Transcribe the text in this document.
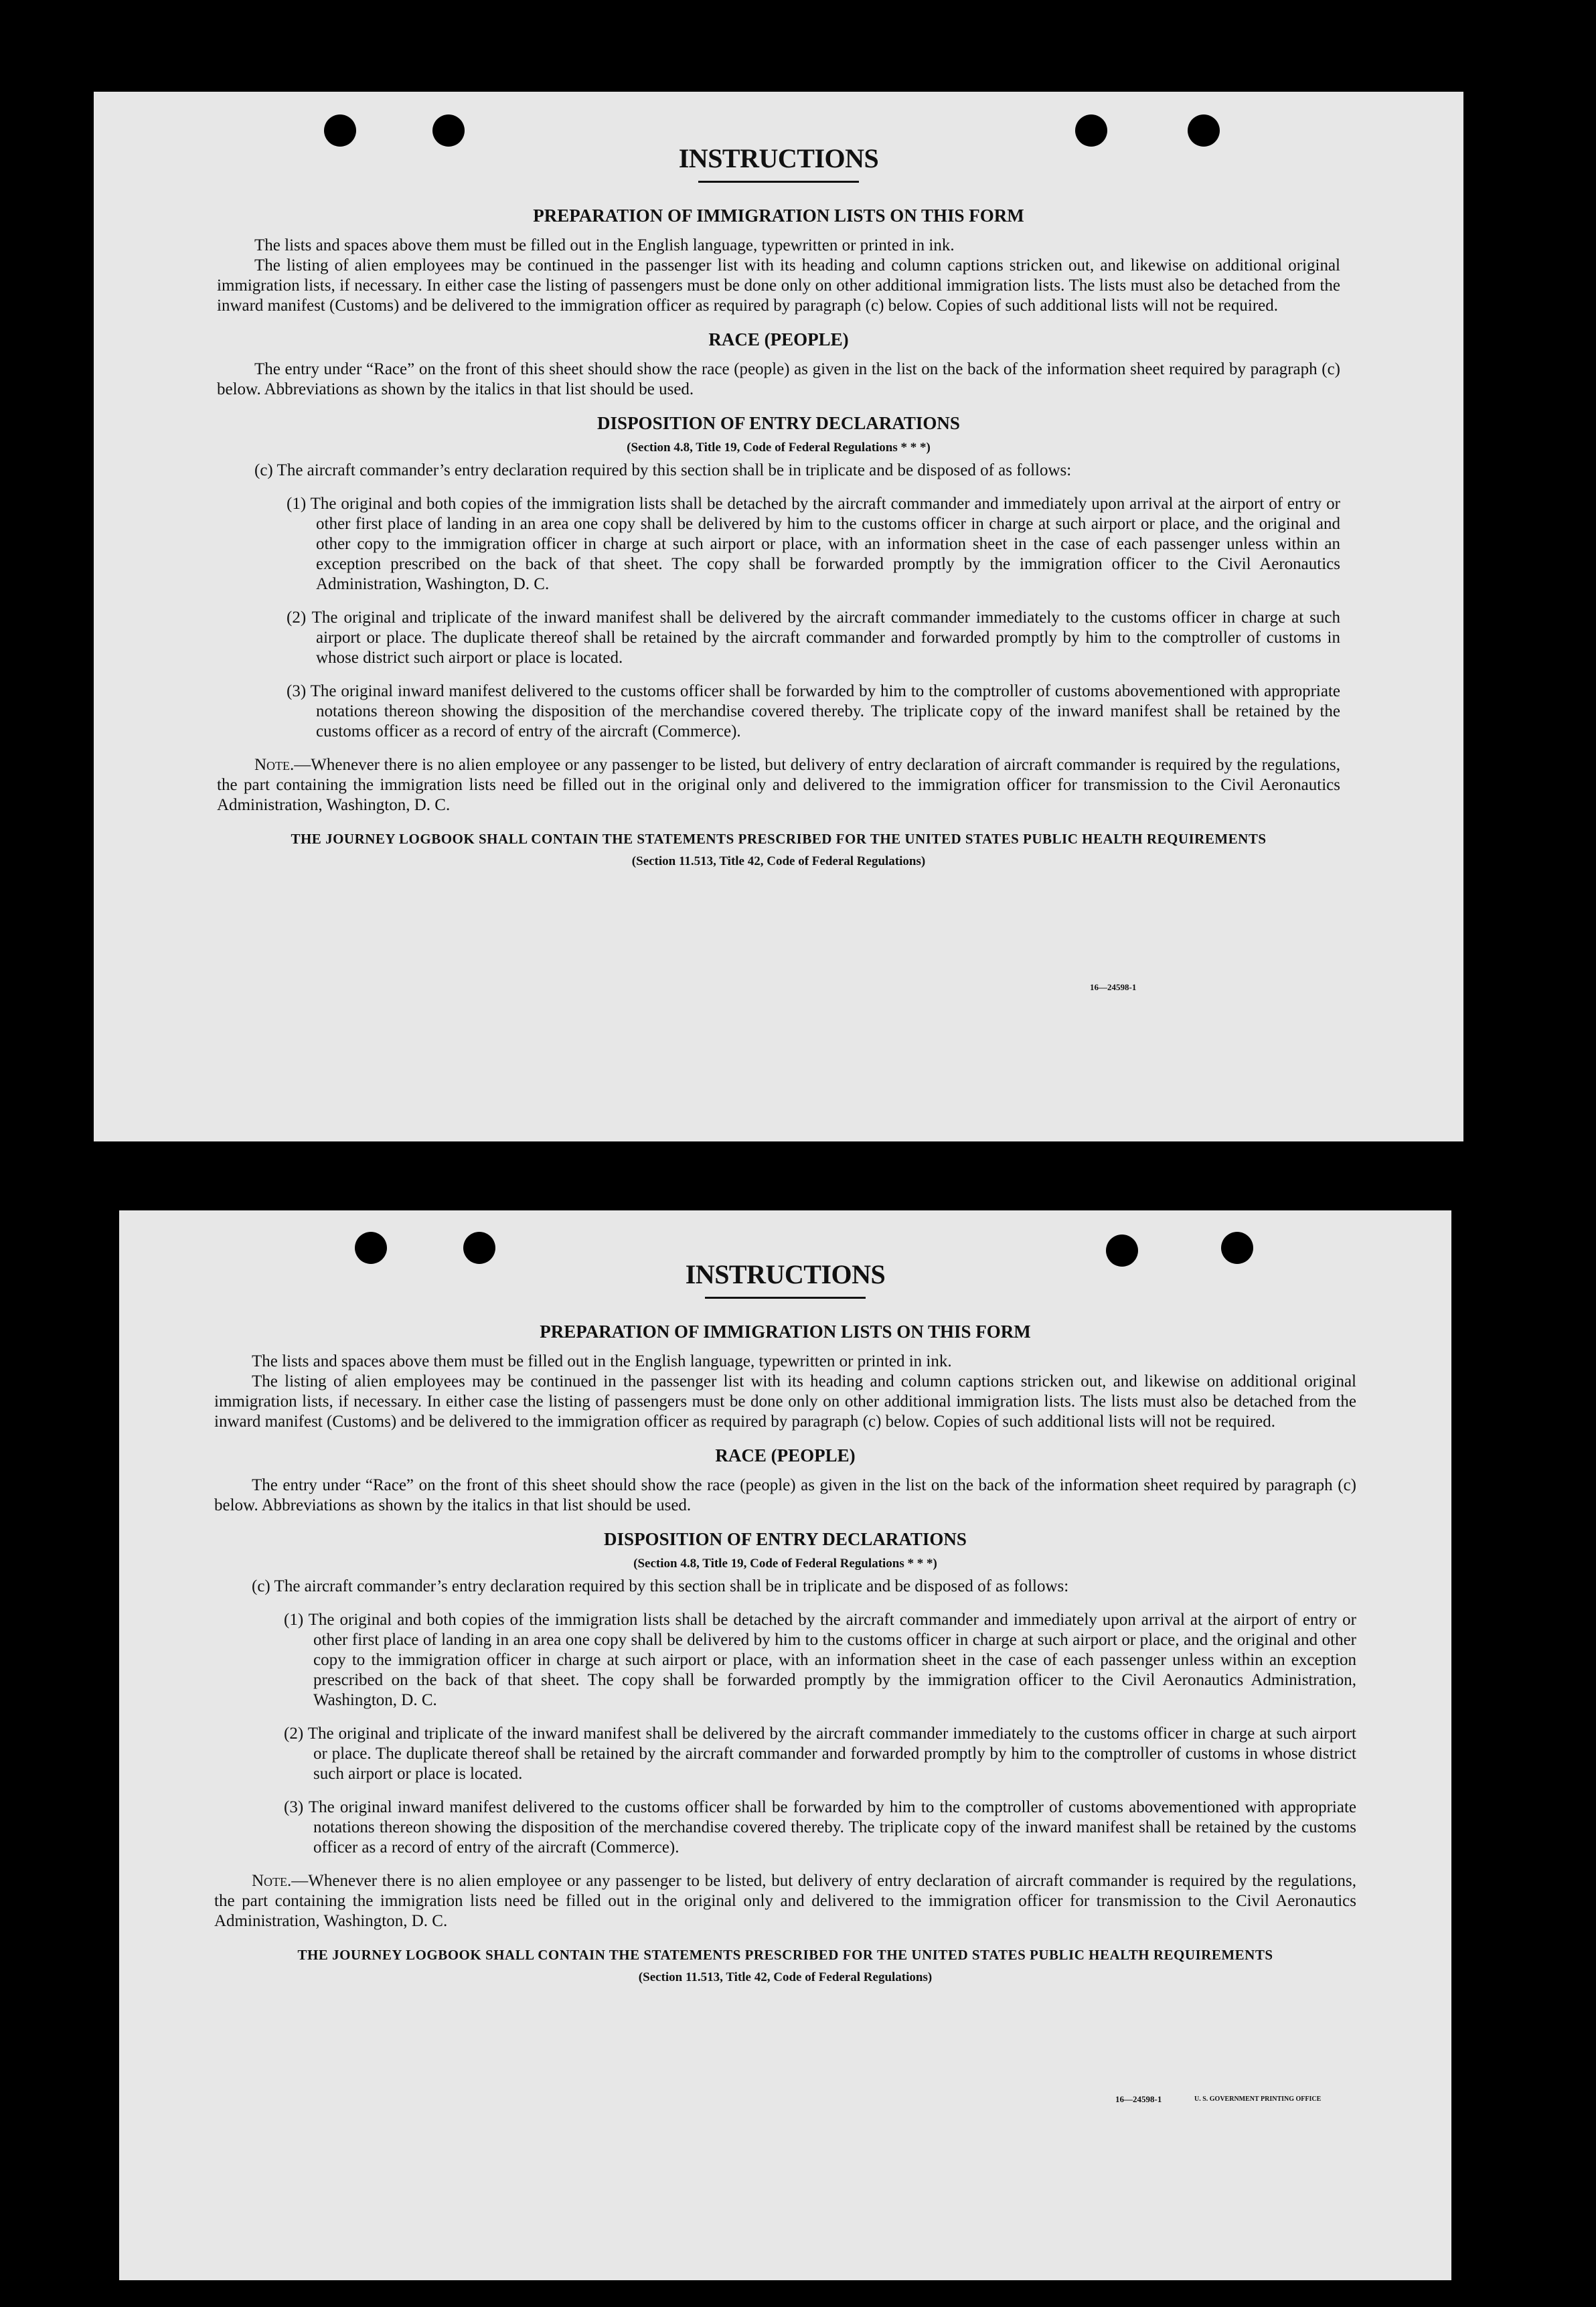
INSTRUCTIONS
PREPARATION OF IMMIGRATION LISTS ON THIS FORM

The lists and spaces above them must be filled out in the English language, typewritten or printed in ink.

The listing of alien employees may be continued in the passenger list with its heading and column captions stricken out, and likewise on additional original immigration lists, if necessary. In either case the listing of passengers must be done only on other additional immigration lists. The lists must also be detached from the inward manifest (Customs) and be delivered to the immigration officer as required by paragraph (c) below. Copies of such additional lists will not be required.

RACE (PEOPLE)

The entry under “Race” on the front of this sheet should show the race (people) as given in the list on the back of the information sheet required by paragraph (c) below. Abbreviations as shown by the italics in that list should be used.

DISPOSITION OF ENTRY DECLARATIONS

(Section 4.8, Title 19, Code of Federal Regulations * * *)

(c) The aircraft commander’s entry declaration required by this section shall be in triplicate and be disposed of as follows:

(1) The original and both copies of the immigration lists shall be detached by the aircraft commander and immediately upon arrival at the airport of entry or other first place of landing in an area one copy shall be delivered by him to the customs officer in charge at such airport or place, and the original and other copy to the immigration officer in charge at such airport or place, with an information sheet in the case of each passenger unless within an exception prescribed on the back of that sheet. The copy shall be forwarded promptly by the immigration officer to the Civil Aeronautics Administration, Washington, D. C.

(2) The original and triplicate of the inward manifest shall be delivered by the aircraft commander immediately to the customs officer in charge at such airport or place. The duplicate thereof shall be retained by the aircraft commander and forwarded promptly by him to the comptroller of customs in whose district such airport or place is located.

(3) The original inward manifest delivered to the customs officer shall be forwarded by him to the comptroller of customs abovementioned with appropriate notations thereon showing the disposition of the merchandise covered thereby. The triplicate copy of the inward manifest shall be retained by the customs officer as a record of entry of the aircraft (Commerce).

Note.—Whenever there is no alien employee or any passenger to be listed, but delivery of entry declaration of aircraft commander is required by the regulations, the part containing the immigration lists need be filled out in the original only and delivered to the immigration officer for transmission to the Civil Aeronautics Administration, Washington, D. C.

THE JOURNEY LOGBOOK SHALL CONTAIN THE STATEMENTS PRESCRIBED FOR THE UNITED STATES PUBLIC HEALTH REQUIREMENTS

(Section 11.513, Title 42, Code of Federal Regulations)

16—24598-1
INSTRUCTIONS
PREPARATION OF IMMIGRATION LISTS ON THIS FORM

The lists and spaces above them must be filled out in the English language, typewritten or printed in ink.

The listing of alien employees may be continued in the passenger list with its heading and column captions stricken out, and likewise on additional original immigration lists, if necessary. In either case the listing of passengers must be done only on other additional immigration lists. The lists must also be detached from the inward manifest (Customs) and be delivered to the immigration officer as required by paragraph (c) below. Copies of such additional lists will not be required.

RACE (PEOPLE)

The entry under “Race” on the front of this sheet should show the race (people) as given in the list on the back of the information sheet required by paragraph (c) below. Abbreviations as shown by the italics in that list should be used.

DISPOSITION OF ENTRY DECLARATIONS

(Section 4.8, Title 19, Code of Federal Regulations * * *)

(c) The aircraft commander’s entry declaration required by this section shall be in triplicate and be disposed of as follows:

(1) The original and both copies of the immigration lists shall be detached by the aircraft commander and immediately upon arrival at the airport of entry or other first place of landing in an area one copy shall be delivered by him to the customs officer in charge at such airport or place, and the original and other copy to the immigration officer in charge at such airport or place, with an information sheet in the case of each passenger unless within an exception prescribed on the back of that sheet. The copy shall be forwarded promptly by the immigration officer to the Civil Aeronautics Administration, Washington, D. C.

(2) The original and triplicate of the inward manifest shall be delivered by the aircraft commander immediately to the customs officer in charge at such airport or place. The duplicate thereof shall be retained by the aircraft commander and forwarded promptly by him to the comptroller of customs in whose district such airport or place is located.

(3) The original inward manifest delivered to the customs officer shall be forwarded by him to the comptroller of customs abovementioned with appropriate notations thereon showing the disposition of the merchandise covered thereby. The triplicate copy of the inward manifest shall be retained by the customs officer as a record of entry of the aircraft (Commerce).

Note.—Whenever there is no alien employee or any passenger to be listed, but delivery of entry declaration of aircraft commander is required by the regulations, the part containing the immigration lists need be filled out in the original only and delivered to the immigration officer for transmission to the Civil Aeronautics Administration, Washington, D. C.

THE JOURNEY LOGBOOK SHALL CONTAIN THE STATEMENTS PRESCRIBED FOR THE UNITED STATES PUBLIC HEALTH REQUIREMENTS

(Section 11.513, Title 42, Code of Federal Regulations)

16—24598-1	U. S. GOVERNMENT PRINTING OFFICE
